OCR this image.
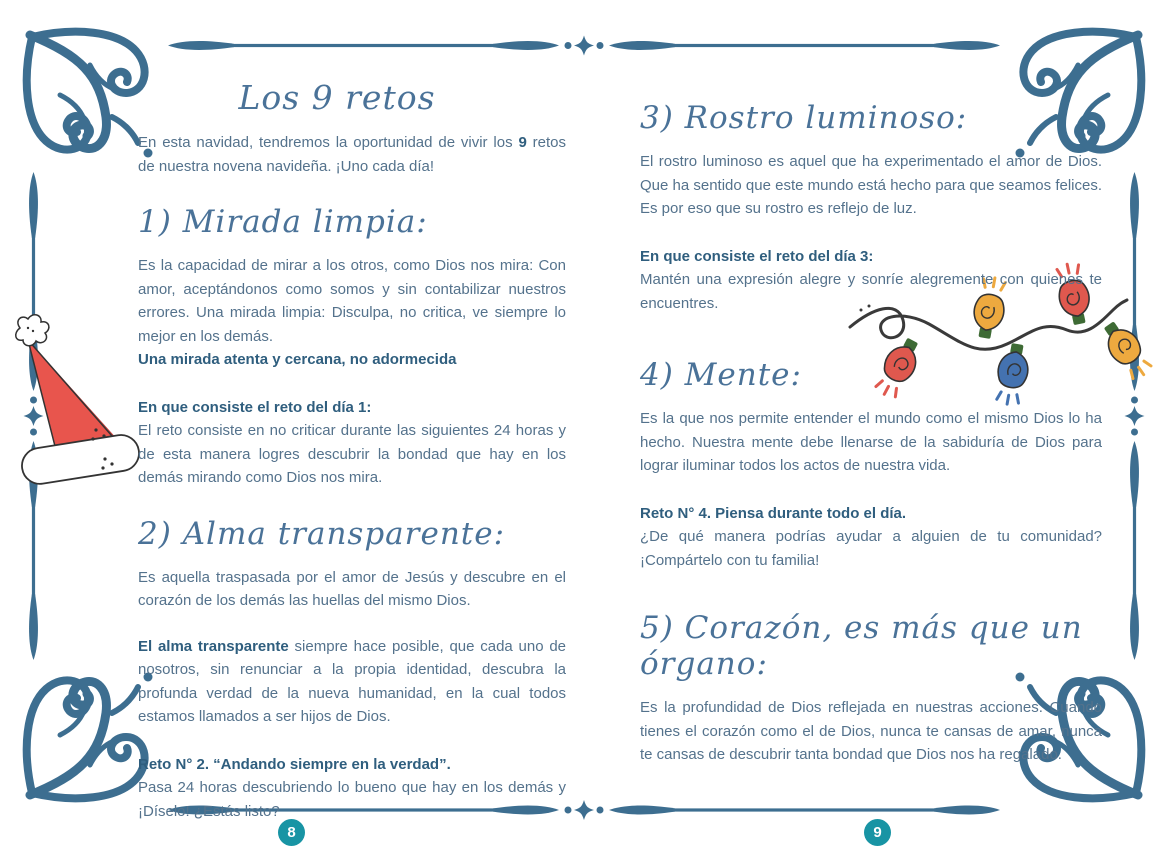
Los 9 retos

En esta navidad, tendremos la oportunidad de vivir los 9 retos de nuestra novena navideña. ¡Uno cada día!

1) Mirada limpia:

Es la capacidad de mirar a los otros, como Dios nos mira: Con amor, aceptándonos como somos y sin contabilizar nuestros errores. Una mirada limpia: Disculpa, no critica, ve siempre lo mejor en los demás.

Una mirada atenta y cercana, no adormecida

En que consiste el reto del día 1:

El reto consiste en no criticar durante las siguientes 24 horas y de esta manera logres descubrir la bondad que hay en los demás mirando como Dios nos mira.

2) Alma transparente:

Es aquella traspasada por el amor de Jesús y descubre en el corazón de los demás las huellas del mismo Dios.

El alma transparente siempre hace posible, que cada uno de nosotros, sin renunciar a la propia identidad, descubra la profunda verdad de la nueva humanidad, en la cual todos estamos llamados a ser hijos de Dios.

Reto N° 2. “Andando siempre en la verdad”.

Pasa 24 horas descubriendo lo bueno que hay en los demás y ¡Díselo! ¿Estás listo?

3) Rostro luminoso:

El rostro luminoso es aquel que ha experimentado el amor de Dios. Que ha sentido que este mundo está hecho para que seamos felices. Es por eso que su rostro es reflejo de luz.

En que consiste el reto del día 3:

Mantén una expresión alegre y sonríe alegremente con quienes te encuentres.

4) Mente:

Es la que nos permite entender el mundo como el mismo Dios lo ha hecho. Nuestra mente debe llenarse de la sabiduría de Dios para lograr iluminar todos los actos de nuestra vida.

Reto N° 4. Piensa durante todo el día.

¿De qué manera podrías ayudar a alguien de tu comunidad? ¡Compártelo con tu familia!

5) Corazón, es más que un órgano:

Es la profundidad de Dios reflejada en nuestras acciones. Cuando tienes el corazón como el de Dios, nunca te cansas de amar, nunca te cansas de descubrir tanta bondad que Dios nos ha regalado.

8	9
